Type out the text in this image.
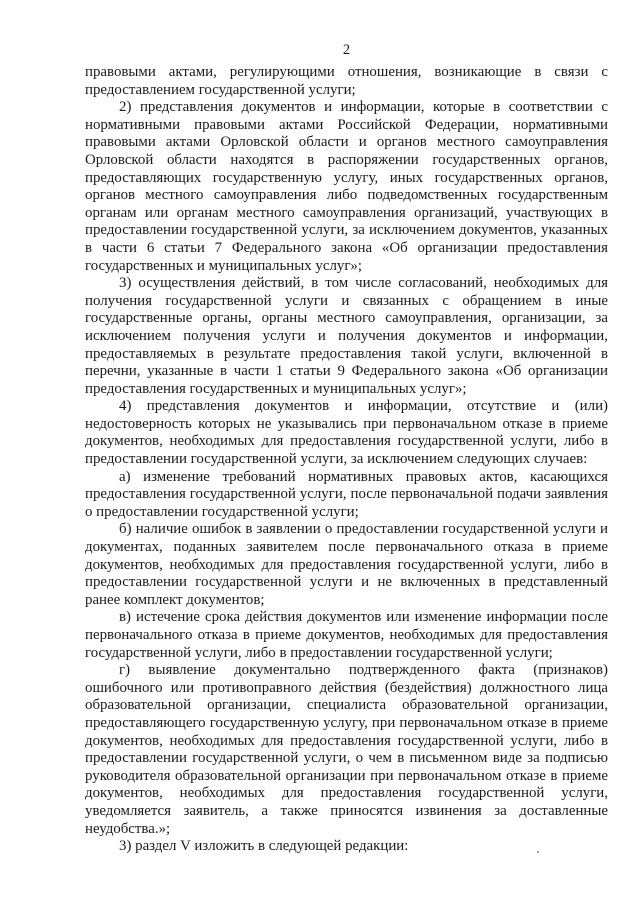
2

правовыми актами, регулирующими отношения, возникающие в связи с предоставлением государственной услуги;

2) представления документов и информации, которые в соответствии с нормативными правовыми актами Российской Федерации, нормативными правовыми актами Орловской области и органов местного самоуправления Орловской области находятся в распоряжении государственных органов, предоставляющих государственную услугу, иных государственных органов, органов местного самоуправления либо подведомственных государственным органам или органам местного самоуправления организаций, участвующих в предоставлении государственной услуги, за исключением документов, указанных в части 6 статьи 7 Федерального закона «Об организации предоставления государственных и муниципальных услуг»;

3) осуществления действий, в том числе согласований, необходимых для получения государственной услуги и связанных с обращением в иные государственные органы, органы местного самоуправления, организации, за исключением получения услуги и получения документов и информации, предоставляемых в результате предоставления такой услуги, включенной в перечни, указанные в части 1 статьи 9 Федерального закона «Об организации предоставления государственных и муниципальных услуг»;

4) представления документов и информации, отсутствие и (или) недостоверность которых не указывались при первоначальном отказе в приеме документов, необходимых для предоставления государственной услуги, либо в предоставлении государственной услуги, за исключением следующих случаев:

а) изменение требований нормативных правовых актов, касающихся предоставления государственной услуги, после первоначальной подачи заявления о предоставлении государственной услуги;

б) наличие ошибок в заявлении о предоставлении государственной услуги и документах, поданных заявителем после первоначального отказа в приеме документов, необходимых для предоставления государственной услуги, либо в предоставлении государственной услуги и не включенных в представленный ранее комплект документов;

в) истечение срока действия документов или изменение информации после первоначального отказа в приеме документов, необходимых для предоставления государственной услуги, либо в предоставлении государственной услуги;

г) выявление документально подтвержденного факта (признаков) ошибочного или противоправного действия (бездействия) должностного лица образовательной организации, специалиста образовательной организации, предоставляющего государственную услугу, при первоначальном отказе в приеме документов, необходимых для предоставления государственной услуги, либо в предоставлении государственной услуги, о чем в письменном виде за подписью руководителя образовательной организации при первоначальном отказе в приеме документов, необходимых для предоставления государственной услуги, уведомляется заявитель, а также приносятся извинения за доставленные неудобства.»;

3) раздел V изложить в следующей редакции:
